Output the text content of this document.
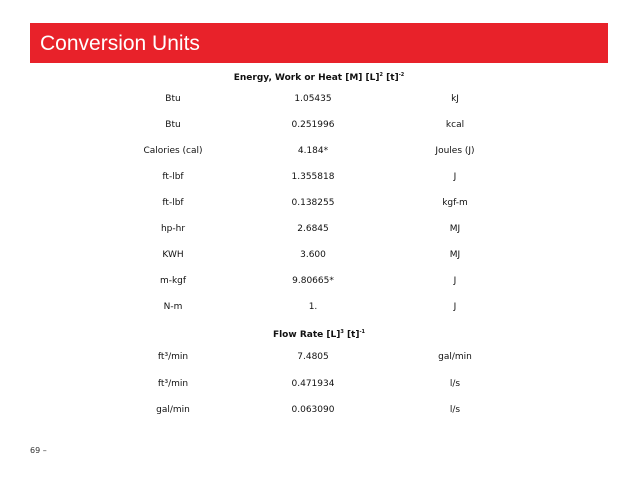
Conversion Units
Energy, Work or Heat [M] $[L]^2$ $[t]^{-2}$
Btu	1.05435	kJ
Btu	0.251996	kcal
Calories (cal)	4.184*	Joules (J)
ft-lbf	1.355818	J
ft-lbf	0.138255	kgf-m
hp-hr	2.6845	MJ
KWH	3.600	MJ
m-kgf	9.80665*	J
N-m	1.	J
Flow Rate $[L]^3$ $[t]^{-1}$
ft³/min	7.4805	gal/min
ft³/min	0.471934	l/s
gal/min	0.063090	l/s
69 –
